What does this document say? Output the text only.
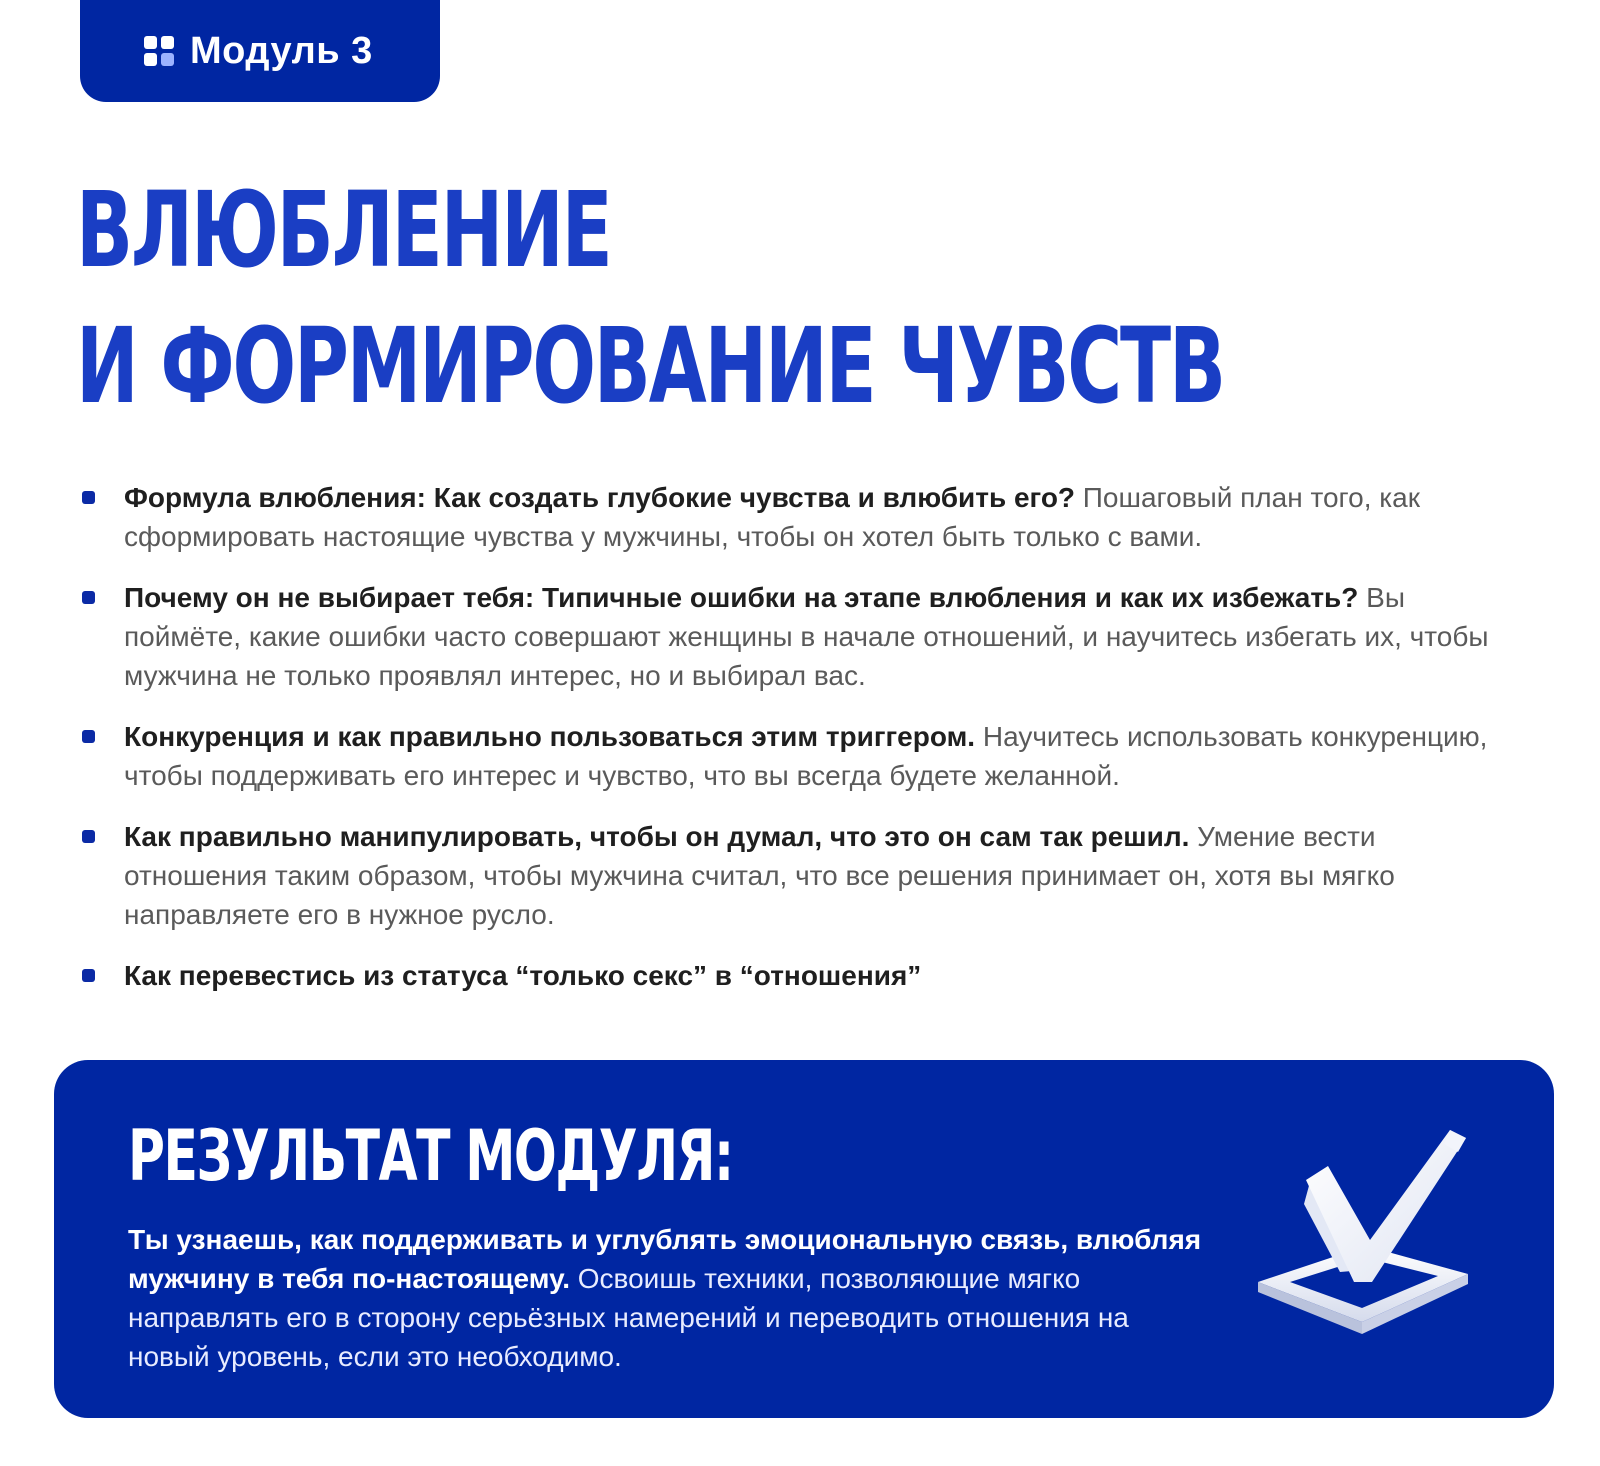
Модуль 3
ВЛЮБЛЕНИЕ
И ФОРМИРОВАНИЕ ЧУВСТВ
Формула влюбления: Как создать глубокие чувства и влюбить его? Пошаговый план того, как сформировать настоящие чувства у мужчины, чтобы он хотел быть только с вами.
Почему он не выбирает тебя: Типичные ошибки на этапе влюбления и как их избежать? Вы поймёте, какие ошибки часто совершают женщины в начале отношений, и научитесь избегать их, чтобы мужчина не только проявлял интерес, но и выбирал вас.
Конкуренция и как правильно пользоваться этим триггером. Научитесь использовать конкуренцию, чтобы поддерживать его интерес и чувство, что вы всегда будете желанной.
Как правильно манипулировать, чтобы он думал, что это он сам так решил. Умение вести отношения таким образом, чтобы мужчина считал, что все решения принимает он, хотя вы мягко направляете его в нужное русло.
Как перевестись из статуса “только секс” в “отношения”
РЕЗУЛЬТАТ МОДУЛЯ:

Ты узнаешь, как поддерживать и углублять эмоциональную связь, влюбляя мужчину в тебя по-настоящему. Освоишь техники, позволяющие мягко направлять его в сторону серьёзных намерений и переводить отношения на новый уровень, если это необходимо.
